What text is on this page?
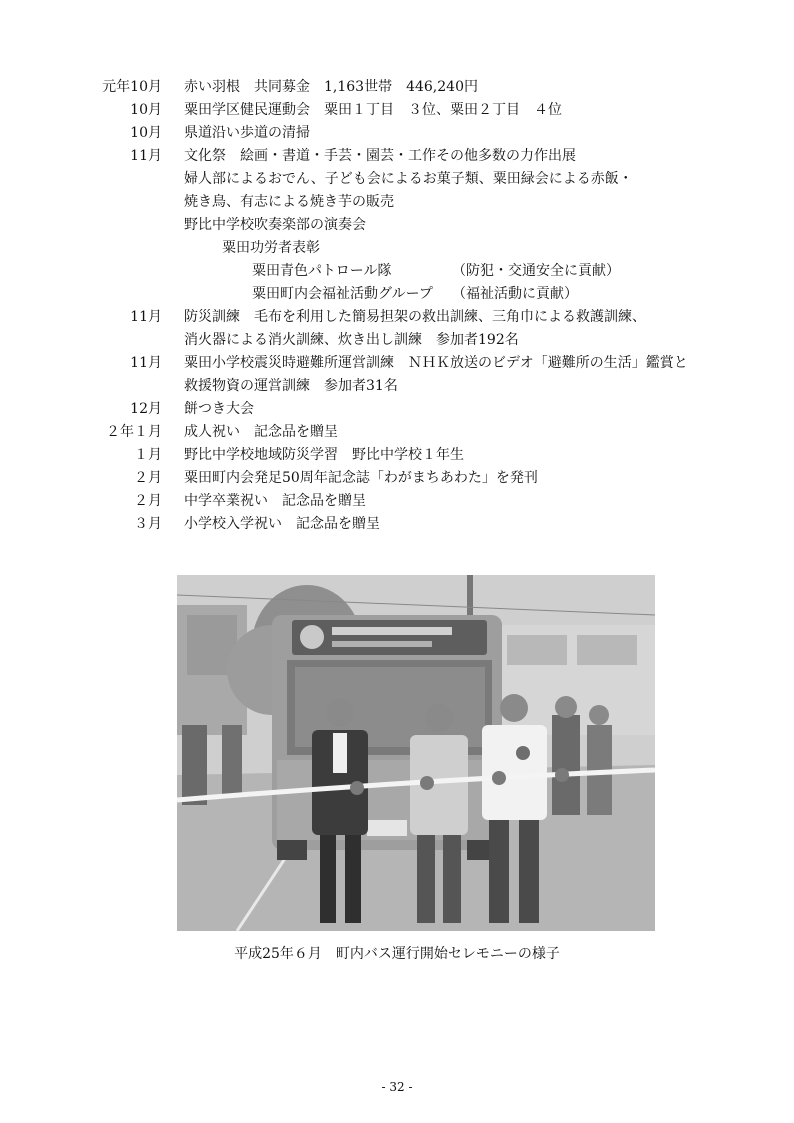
元年10月 赤い羽根　共同募金　1,163世帯　446,240円
10月 粟田学区健民運動会　粟田１丁目　３位、粟田２丁目　４位
10月 県道沿い歩道の清掃
11月 文化祭　絵画・書道・手芸・園芸・工作その他多数の力作出展
婦人部によるおでん、子ども会によるお菓子類、粟田緑会による赤飯・
焼き鳥、有志による焼き芋の販売
野比中学校吹奏楽部の演奏会
粟田功労者表彰
粟田青色パトロール隊	（防犯・交通安全に貢献）
粟田町内会福祉活動グループ （福祉活動に貢献）
11月 防災訓練　毛布を利用した簡易担架の救出訓練、三角巾による救護訓練、
消火器による消火訓練、炊き出し訓練　参加者192名
11月 粟田小学校震災時避難所運営訓練　ＮＨＫ放送のビデオ「避難所の生活」鑑賞と
救援物資の運営訓練　参加者31名
12月 餅つき大会
２年１月 成人祝い　記念品を贈呈
１月 野比中学校地域防災学習　野比中学校１年生
２月 粟田町内会発足50周年記念誌「わがまちあわた」を発刊
２月 中学卒業祝い　記念品を贈呈
３月 小学校入学祝い　記念品を贈呈
平成25年６月　町内バス運行開始セレモニーの様子
- 32 -
